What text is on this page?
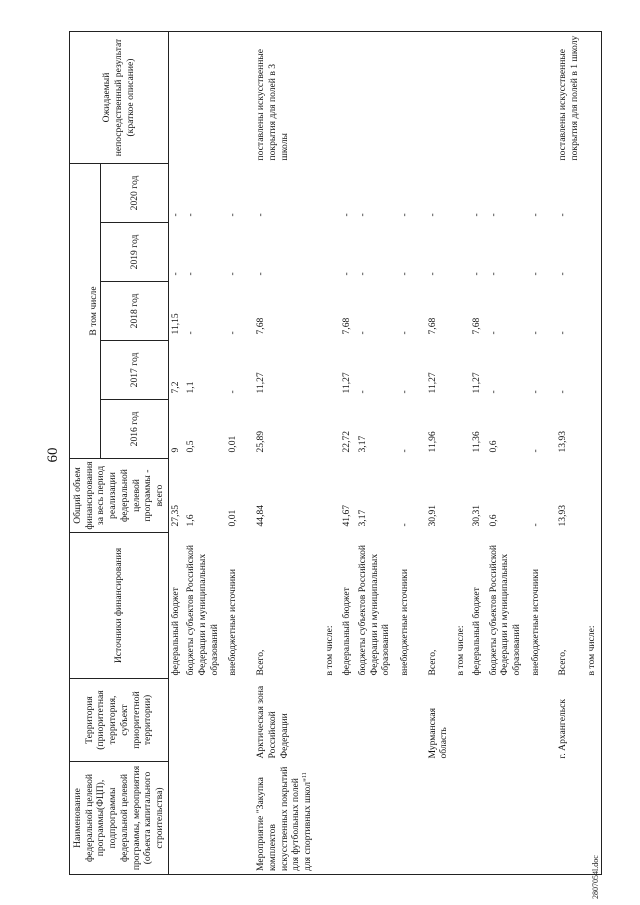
60
Наименование федеральной целевой программы(ФЦП), подпрограммы федеральной целевой программы, мероприятия (объекта капитального строительства)	Территория (приоритетная территория, субъект приоритетной территории)	Источники финансирования	Общий объем финансирования за весь период реализации федеральной целевой программы - всего	В том числе					Ожидаемый непосредственный результат (краткое описание)
				2016 год	2017 год	2018 год	2019 год	2020 год	
		федеральный бюджет	27,35	9	7,2	11,15	-	-	
		бюджеты субъектов Российской Федерации и муниципальных образований	1,6	0,5	1,1	-	-	-	
		внебюджетные источники	0,01	0,01	-	-	-	-	
Мероприятие "Закупка комплектов искусственных покрытий для футбольных полей для спортивных школ"$^{11}$	Арктическая зона Российской Федерации	Всего,	44,84	25,89	11,27	7,68	-	-	поставлены искусственные покрытия для полей в 3 школы
		в том числе:							
		федеральный бюджет	41,67	22,72	11,27	7,68	-	-	
		бюджеты субъектов Российской Федерации и муниципальных образований	3,17	3,17	-	-	-	-	
		внебюджетные источники	-	-	-	-	-	-	
	Мурманская область	Всего,	30,91	11,96	11,27	7,68	-	-	
		в том числе:							
		федеральный бюджет	30,31	11,36	11,27	7,68	-	-	
		бюджеты субъектов Российской Федерации и муниципальных образований	0,6	0,6	-	-	-	-	
		внебюджетные источники	-	-	-	-	-	-	
	г. Архангельск	Всего,	13,93	13,93	-	-	-	-	поставлены искусственные покрытия для полей в 1 школу
		в том числе:							
2807054l.doc
